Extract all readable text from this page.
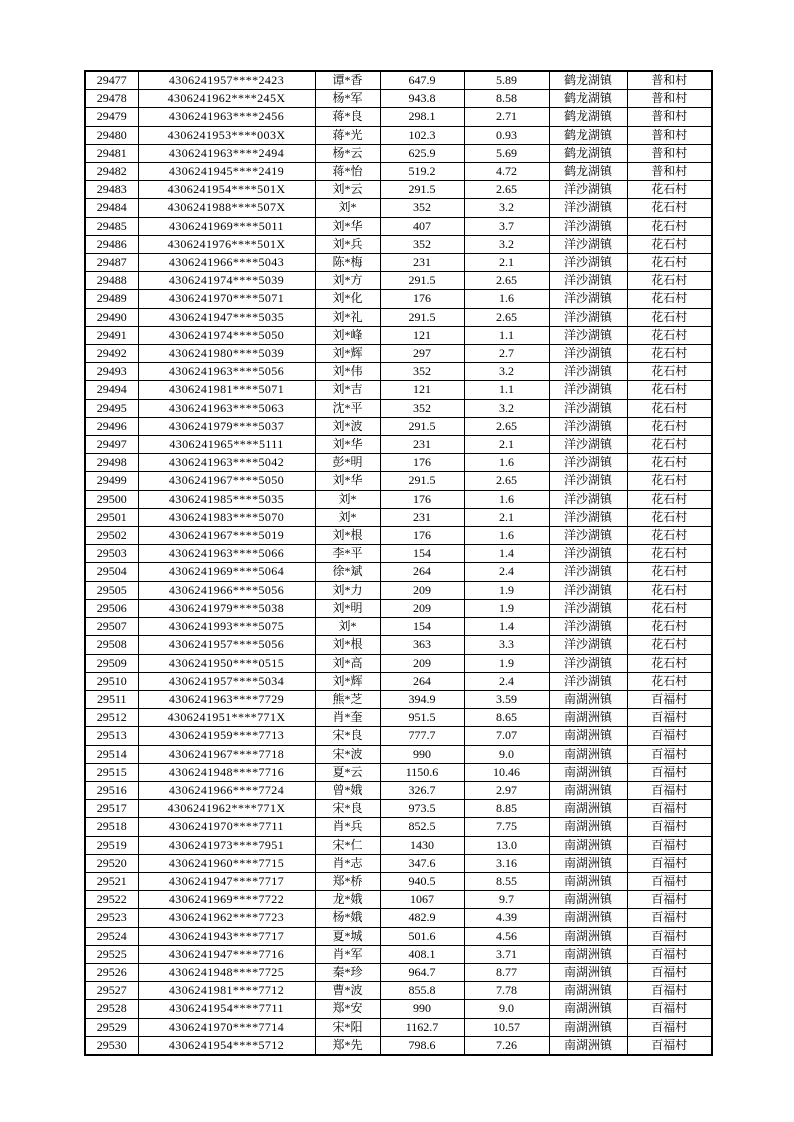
29477	4306241957****2423	谭*香	647.9	5.89	鹤龙湖镇	普和村
29478	4306241962****245X	杨*军	943.8	8.58	鹤龙湖镇	普和村
29479	4306241963****2456	蒋*良	298.1	2.71	鹤龙湖镇	普和村
29480	4306241953****003X	蒋*光	102.3	0.93	鹤龙湖镇	普和村
29481	4306241963****2494	杨*云	625.9	5.69	鹤龙湖镇	普和村
29482	4306241945****2419	蒋*怡	519.2	4.72	鹤龙湖镇	普和村
29483	4306241954****501X	刘*云	291.5	2.65	洋沙湖镇	花石村
29484	4306241988****507X	刘*	352	3.2	洋沙湖镇	花石村
29485	4306241969****5011	刘*华	407	3.7	洋沙湖镇	花石村
29486	4306241976****501X	刘*兵	352	3.2	洋沙湖镇	花石村
29487	4306241966****5043	陈*梅	231	2.1	洋沙湖镇	花石村
29488	4306241974****5039	刘*方	291.5	2.65	洋沙湖镇	花石村
29489	4306241970****5071	刘*化	176	1.6	洋沙湖镇	花石村
29490	4306241947****5035	刘*礼	291.5	2.65	洋沙湖镇	花石村
29491	4306241974****5050	刘*峰	121	1.1	洋沙湖镇	花石村
29492	4306241980****5039	刘*辉	297	2.7	洋沙湖镇	花石村
29493	4306241963****5056	刘*伟	352	3.2	洋沙湖镇	花石村
29494	4306241981****5071	刘*吉	121	1.1	洋沙湖镇	花石村
29495	4306241963****5063	沈*平	352	3.2	洋沙湖镇	花石村
29496	4306241979****5037	刘*波	291.5	2.65	洋沙湖镇	花石村
29497	4306241965****5111	刘*华	231	2.1	洋沙湖镇	花石村
29498	4306241963****5042	彭*明	176	1.6	洋沙湖镇	花石村
29499	4306241967****5050	刘*华	291.5	2.65	洋沙湖镇	花石村
29500	4306241985****5035	刘*	176	1.6	洋沙湖镇	花石村
29501	4306241983****5070	刘*	231	2.1	洋沙湖镇	花石村
29502	4306241967****5019	刘*根	176	1.6	洋沙湖镇	花石村
29503	4306241963****5066	李*平	154	1.4	洋沙湖镇	花石村
29504	4306241969****5064	徐*斌	264	2.4	洋沙湖镇	花石村
29505	4306241966****5056	刘*力	209	1.9	洋沙湖镇	花石村
29506	4306241979****5038	刘*明	209	1.9	洋沙湖镇	花石村
29507	4306241993****5075	刘*	154	1.4	洋沙湖镇	花石村
29508	4306241957****5056	刘*根	363	3.3	洋沙湖镇	花石村
29509	4306241950****0515	刘*高	209	1.9	洋沙湖镇	花石村
29510	4306241957****5034	刘*辉	264	2.4	洋沙湖镇	花石村
29511	4306241963****7729	熊*芝	394.9	3.59	南湖洲镇	百福村
29512	4306241951****771X	肖*奎	951.5	8.65	南湖洲镇	百福村
29513	4306241959****7713	宋*良	777.7	7.07	南湖洲镇	百福村
29514	4306241967****7718	宋*波	990	9.0	南湖洲镇	百福村
29515	4306241948****7716	夏*云	1150.6	10.46	南湖洲镇	百福村
29516	4306241966****7724	曾*娥	326.7	2.97	南湖洲镇	百福村
29517	4306241962****771X	宋*良	973.5	8.85	南湖洲镇	百福村
29518	4306241970****7711	肖*兵	852.5	7.75	南湖洲镇	百福村
29519	4306241973****7951	宋*仁	1430	13.0	南湖洲镇	百福村
29520	4306241960****7715	肖*志	347.6	3.16	南湖洲镇	百福村
29521	4306241947****7717	郑*桥	940.5	8.55	南湖洲镇	百福村
29522	4306241969****7722	龙*娥	1067	9.7	南湖洲镇	百福村
29523	4306241962****7723	杨*娥	482.9	4.39	南湖洲镇	百福村
29524	4306241943****7717	夏*城	501.6	4.56	南湖洲镇	百福村
29525	4306241947****7716	肖*军	408.1	3.71	南湖洲镇	百福村
29526	4306241948****7725	秦*珍	964.7	8.77	南湖洲镇	百福村
29527	4306241981****7712	曹*波	855.8	7.78	南湖洲镇	百福村
29528	4306241954****7711	郑*安	990	9.0	南湖洲镇	百福村
29529	4306241970****7714	宋*阳	1162.7	10.57	南湖洲镇	百福村
29530	4306241954****5712	郑*先	798.6	7.26	南湖洲镇	百福村
